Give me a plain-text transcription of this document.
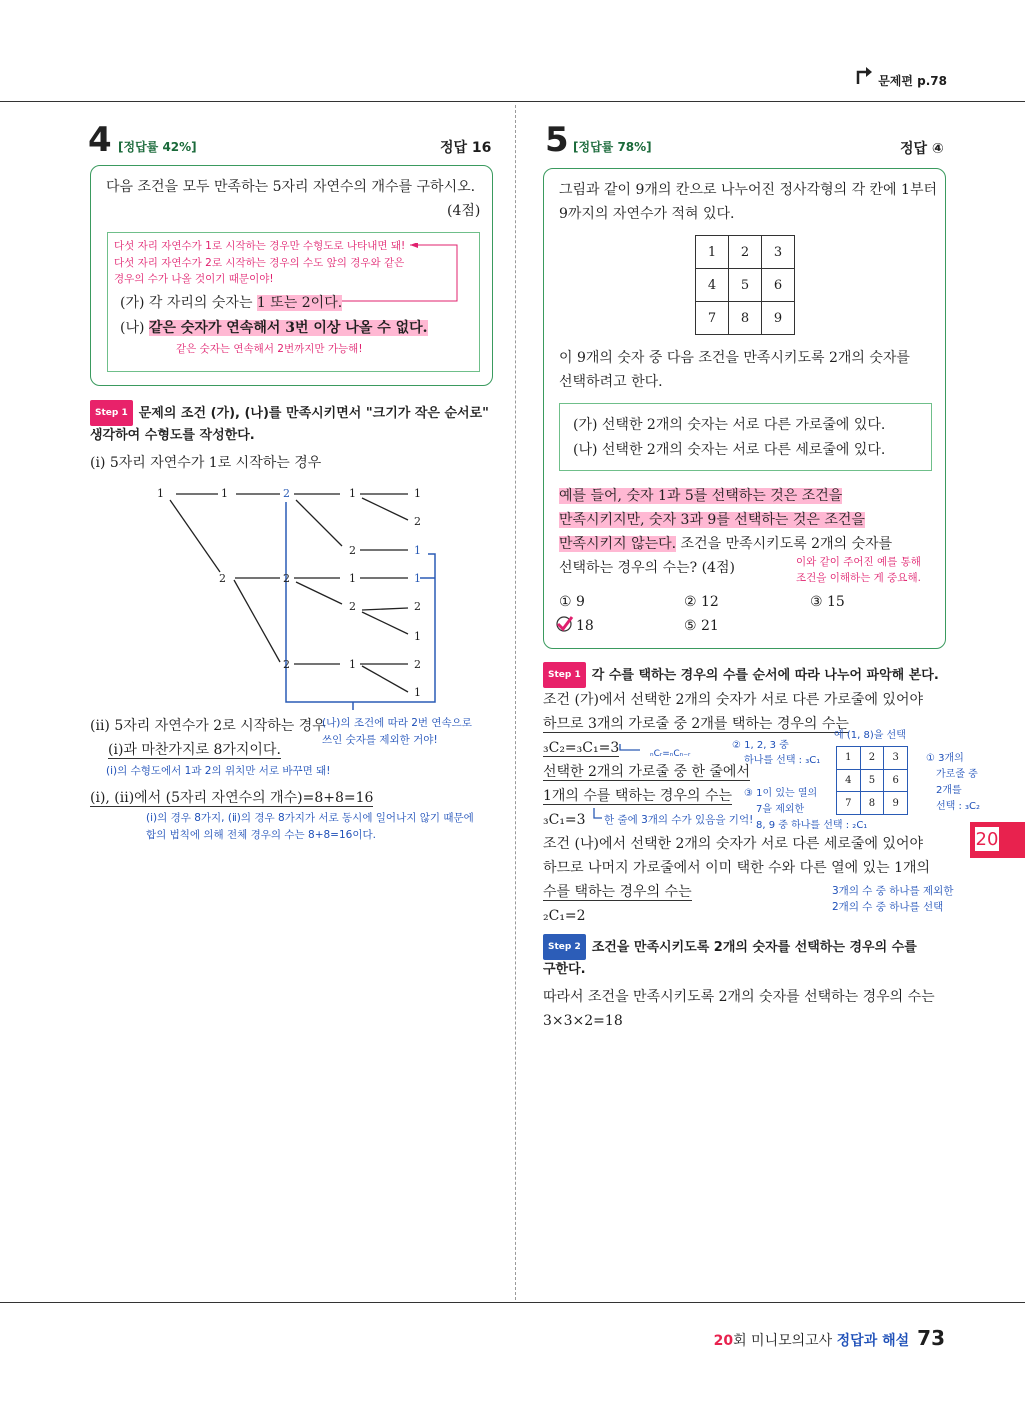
문제편 p.78
4 [정답률 42%]	정답 16
다음 조건을 모두 만족하는 5자리 자연수의 개수를 구하시오.
(4점)
다섯 자리 자연수가 1로 시작하는 경우만 수형도로 나타내면 돼!
다섯 자리 자연수가 2로 시작하는 경우의 수도 앞의 경우와 같은
경우의 수가 나올 것이기 때문이야!
(가) 각 자리의 숫자는 1 또는 2이다.
(나) 같은 숫자가 연속해서 3번 이상 나올 수 없다.
같은 숫자는 연속해서 2번까지만 가능해!
Step 1 문제의 조건 (가), (나)를 만족시키면서 "크기가 작은 순서로"
생각하여 수형도를 작성한다.
(ⅰ) 5자리 자연수가 1로 시작하는 경우
1	1	2	1	1
2
2	1
2	2	1	1
2	2
1
2	1	2
1
(ⅱ) 5자리 자연수가 2로 시작하는 경우
(나)의 조건에 따라 2번 연속으로
쓰인 숫자를 제외한 거야!
(ⅰ)과 마찬가지로 8가지이다.
(ⅰ)의 수형도에서 1과 2의 위치만 서로 바꾸면 돼!
(ⅰ), (ⅱ)에서 (5자리 자연수의 개수)=8+8=16
(ⅰ)의 경우 8가지, (ⅱ)의 경우 8가지가 서로 동시에 일어나지 않기 때문에
합의 법칙에 의해 전체 경우의 수는 8+8=16이다.
5 [정답률 78%]	정답 ④
그림과 같이 9개의 칸으로 나누어진 정사각형의 각 칸에 1부터
9까지의 자연수가 적혀 있다.
1	2	3
4	5	6
7	8	9
이 9개의 숫자 중 다음 조건을 만족시키도록 2개의 숫자를
선택하려고 한다.
(가) 선택한 2개의 숫자는 서로 다른 가로줄에 있다.
(나) 선택한 2개의 숫자는 서로 다른 세로줄에 있다.
예를 들어, 숫자 1과 5를 선택하는 것은 조건을
만족시키지만, 숫자 3과 9를 선택하는 것은 조건을
만족시키지 않는다. 조건을 만족시키도록 2개의 숫자를
선택하는 경우의 수는? (4점)	이와 같이 주어진 예를 통해
조건을 이해하는 게 중요해.
① 9	② 12	③ 15
18	⑤ 21
Step 1 각 수를 택하는 경우의 수를 순서에 따라 나누어 파악해 본다.
조건 (가)에서 선택한 2개의 숫자가 서로 다른 가로줄에 있어야
하므로 3개의 가로줄 중 2개를 택하는 경우의 수는
₃C₂=₃C₁=3	ₙCᵣ=ₙCₙ₋ᵣ
선택한 2개의 가로줄 중 한 줄에서
1개의 수를 택하는 경우의 수는
₃C₁=3 한 줄에 3개의 수가 있음을 기억!
예 (1, 8)을 선택
1	2	3
4	5	6
7	8	9
② 1, 2, 3 중
하나를 선택 : ₃C₁
③ 1이 있는 열의
7을 제외한
8, 9 중 하나를 선택 : ₂C₁
① 3개의
가로줄 중
2개를
선택 : ₃C₂
조건 (나)에서 선택한 2개의 숫자가 서로 다른 세로줄에 있어야
하므로 나머지 가로줄에서 이미 택한 수와 다른 열에 있는 1개의
수를 택하는 경우의 수는	3개의 수 중 하나를 제외한
2개의 수 중 하나를 선택
₂C₁=2
Step 2 조건을 만족시키도록 2개의 숫자를 선택하는 경우의 수를
구한다.
따라서 조건을 만족시키도록 2개의 숫자를 선택하는 경우의 수는
3×3×2=18
20
20회 미니모의고사 정답과 해설 73
